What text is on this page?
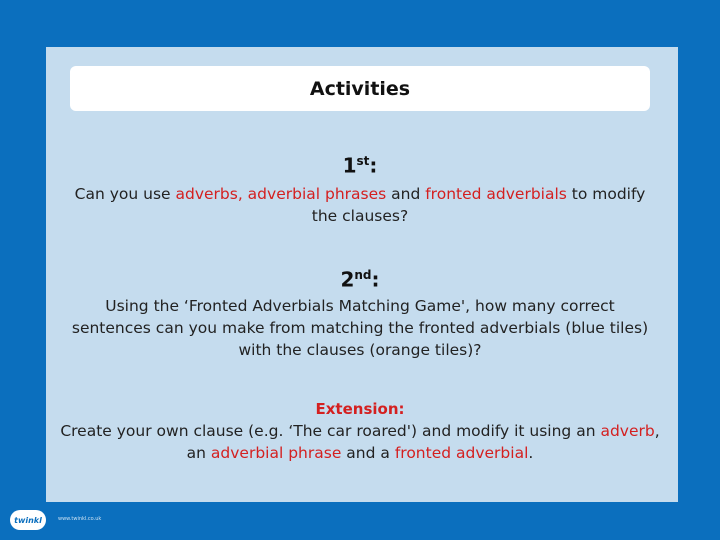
Activities
1st:
Can you use adverbs, adverbial phrases and fronted adverbials to modify the clauses?
2nd:
Using the ‘Fronted Adverbials Matching Game', how many correct sentences can you make from matching the fronted adverbials (blue tiles) with the clauses (orange tiles)?
Extension:
Create your own clause (e.g. ‘The car roared') and modify it using an adverb, an adverbial phrase and a fronted adverbial.
twinkl	www.twinkl.co.uk
